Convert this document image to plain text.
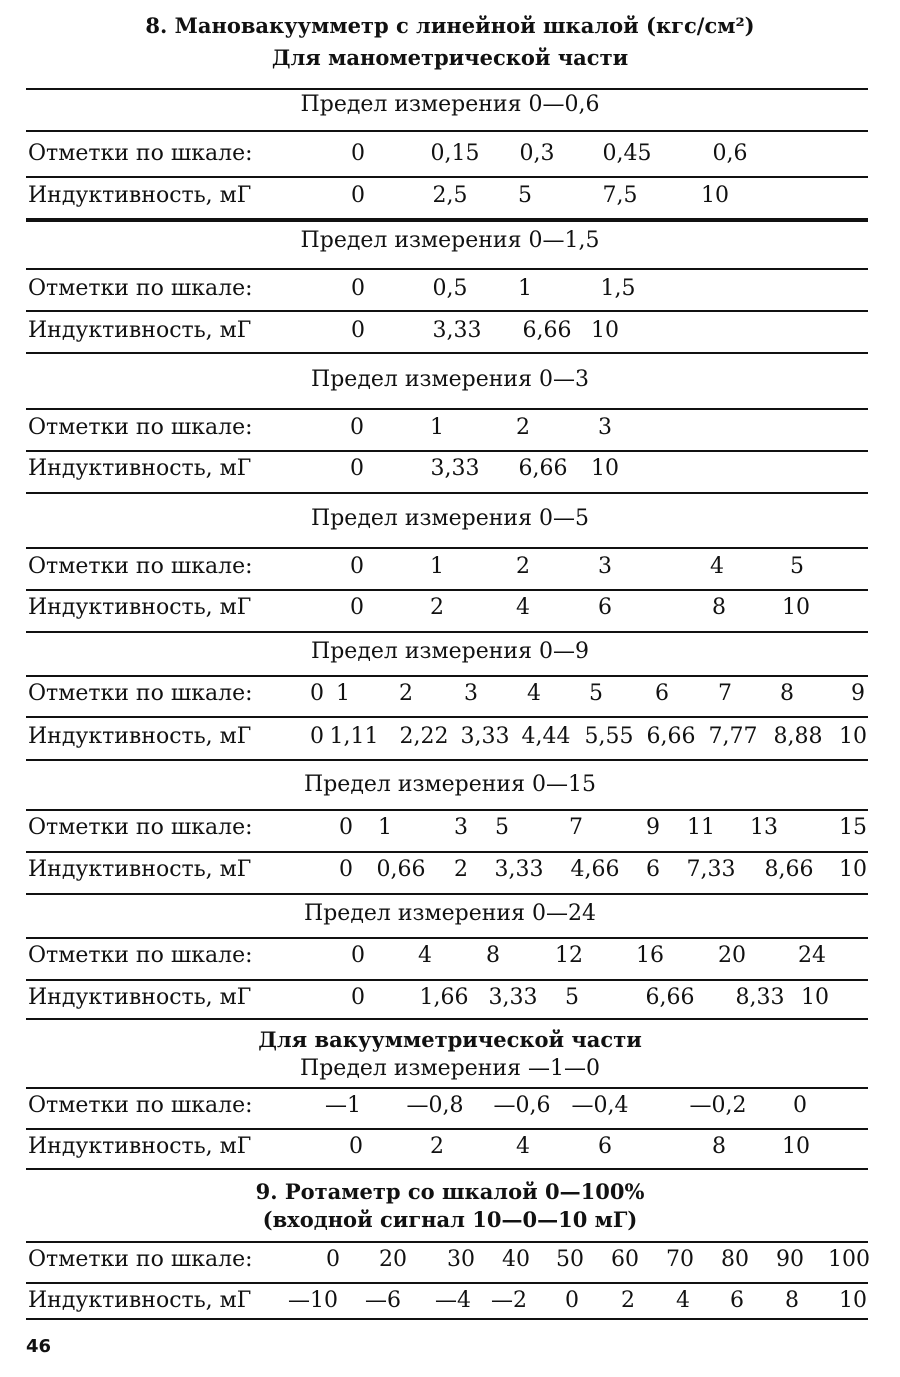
8. Мановакуумметр с линейной шкалой (кгс/см²)
Для манометрической части
Для вакуумметрической части
9. Ротаметр со шкалой 0—100%
(входной сигнал 10—0—10 мГ)
Предел измерения 0—0,6
Отметки по шкале:	0	0,15 0,3 0,45	0,6
Индуктивность, мГ	0	2,5 5	7,5	10
Предел измерения 0—1,5
Отметки по шкале:	0	0,5 1	1,5
Индуктивность, мГ	0	3,33 6,66 10
Предел измерения 0—3
Отметки по шкале:	0	1	2	3
Индуктивность, мГ	0	3,33 6,66 10
Предел измерения 0—5
Отметки по шкале:	0	1	2	3	4	5
Индуктивность, мГ	0	2	4	6	8	10
Предел измерения 0—9
Отметки по шкале:	0 1 2 3 4 5 6 7 8	9
Индуктивность, мГ	0 1,11 2,22 3,33 4,44 5,55 6,66 7,77 8,88 10
Предел измерения 0—15
Отметки по шкале:	0 1	3 5	7	9 11 13	15
Индуктивность, мГ	0 0,66 2 3,33 4,66 6 7,33 8,66 10
Предел измерения 0—24
Отметки по шкале:	0 4 8	12 16 20 24
Индуктивность, мГ	0 1,66 3,33 5	6,66 8,33 10
Предел измерения —1—0
Отметки по шкале:	—1 —0,8 —0,6 —0,4	—0,2 0
Индуктивность, мГ	0	2	4	6	8	10
Отметки по шкале:	0 20 30 40 50 60 70 80 90 100
Индуктивность, мГ —10 —6 —4 —2 0 2 4 6 8 10
46
